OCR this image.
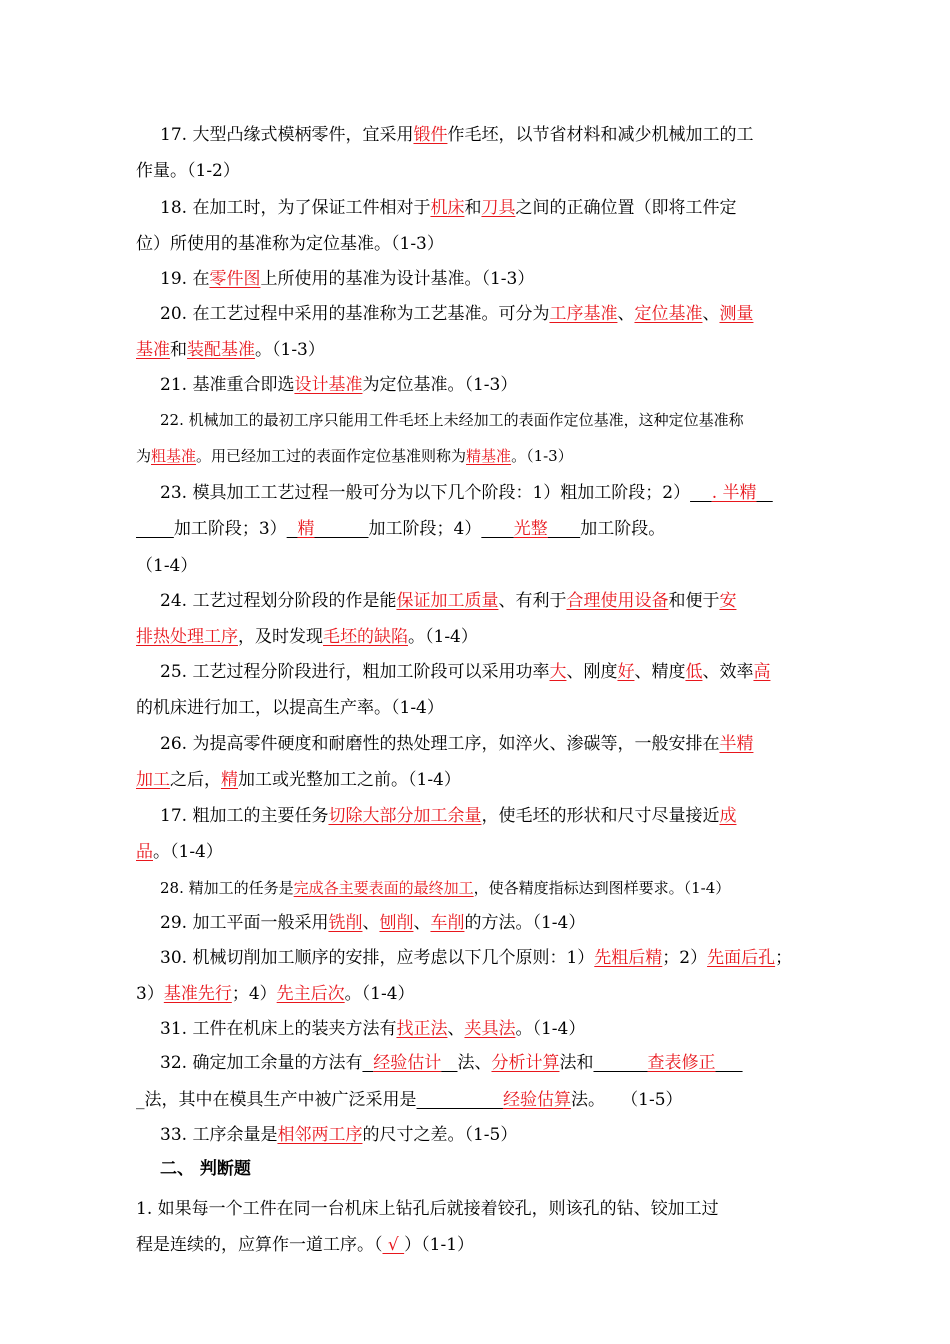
17. 大型凸缘式模柄零件，宜采用锻件作毛坯，以节省材料和减少机械加工的工
作量。（1-2）
18. 在加工时，为了保证工件相对于机床和刀具之间的正确位置（即将工件定
位）所使用的基准称为定位基准。（1-3）
19. 在零件图上所使用的基准为设计基准。（1-3）
20. 在工艺过程中采用的基准称为工艺基准。可分为工序基准、定位基准、测量
基准和装配基准。（1-3）
21. 基准重合即选设计基准为定位基准。（1-3）
22. 机械加工的最初工序只能用工件毛坯上未经加工的表面作定位基准，这种定位基准称
为粗基准。用已经加工过的表面作定位基准则称为精基准。（1-3）
23. 模具加工工艺过程一般可分为以下几个阶段：1）粗加工阶段；2） . 半精
加工阶段；3） 精	加工阶段；4） 光整 加工阶段。
（1-4）
24. 工艺过程划分阶段的作是能保证加工质量、有利于合理使用设备和便于安
排热处理工序，及时发现毛坯的缺陷。（1-4）
25. 工艺过程分阶段进行，粗加工阶段可以采用功率大、刚度好、精度低、效率高
的机床进行加工，以提高生产率。（1-4）
26. 为提高零件硬度和耐磨性的热处理工序，如淬火、渗碳等，一般安排在半精
加工之后，精加工或光整加工之前。（1-4）
17. 粗加工的主要任务切除大部分加工余量，使毛坯的形状和尺寸尽量接近成
品。（1-4）
28. 精加工的任务是完成各主要表面的最终加工，使各精度指标达到图样要求。（1-4）
29. 加工平面一般采用铣削、刨削、车削的方法。（1-4）
30. 机械切削加工顺序的安排，应考虑以下几个原则：1）先粗后精；2）先面后孔；
3）基准先行；4）先主后次。（1-4）
31. 工件在机床上的装夹方法有找正法、夹具法。（1-4）
32. 确定加工余量的方法有 经验估计 法、分析计算法和	查表修正
_法，其中在模具生产中被广泛采用是	经验估算法。   （1-5）
33. 工序余量是相邻两工序的尺寸之差。（1-5）
1. 如果每一个工件在同一台机床上钻孔后就接着铰孔，则该孔的钻、铰加工过
程是连续的，应算作一道工序。（ √ ）（1-1）
二、 判断题
